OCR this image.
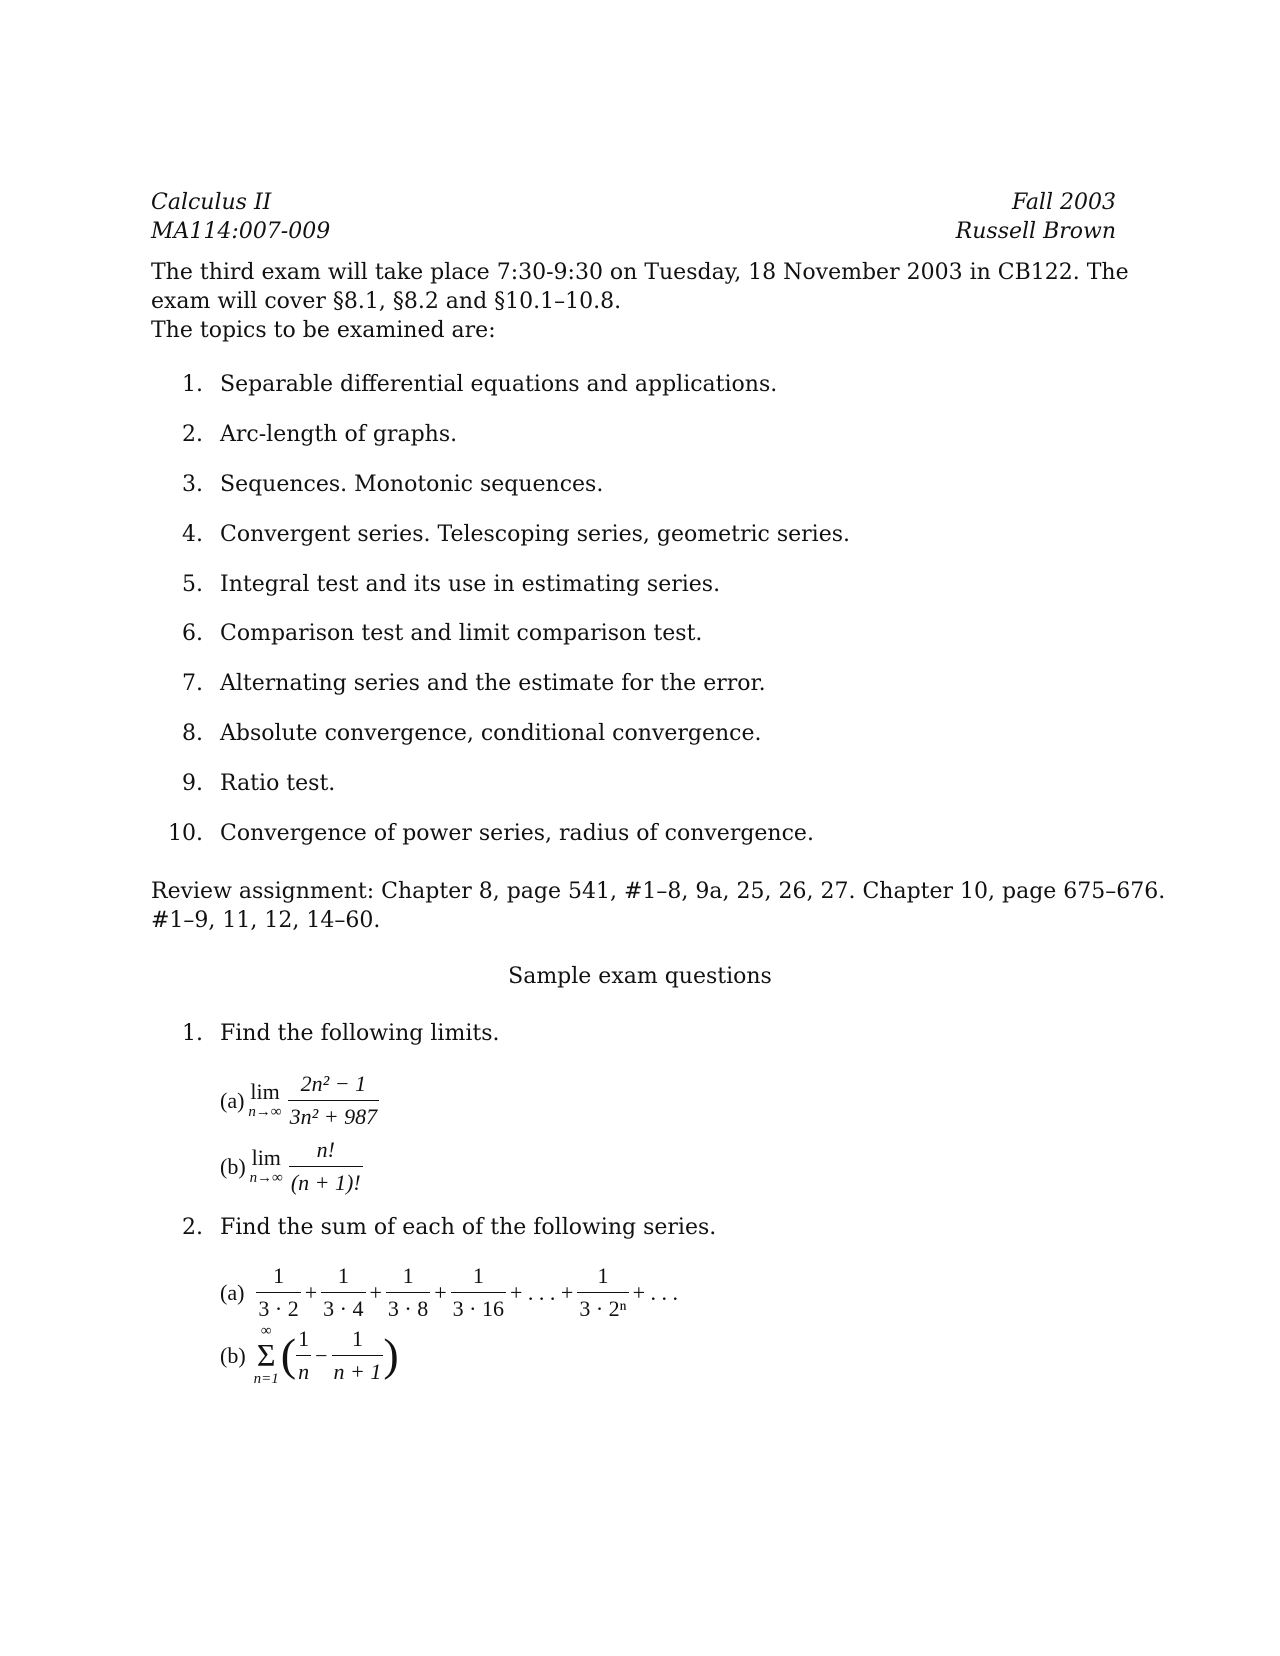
Calculus II
MA114:007-009
Fall 2003
Russell Brown
The third exam will take place 7:30-9:30 on Tuesday, 18 November 2003 in CB122. The
exam will cover §8.1, §8.2 and §10.1–10.8.
The topics to be examined are:
1. Separable differential equations and applications.
2. Arc-length of graphs.
3. Sequences. Monotonic sequences.
4. Convergent series. Telescoping series, geometric series.
5. Integral test and its use in estimating series.
6. Comparison test and limit comparison test.
7. Alternating series and the estimate for the error.
8. Absolute convergence, conditional convergence.
9. Ratio test.
10. Convergence of power series, radius of convergence.
Review assignment: Chapter 8, page 541, #1–8, 9a, 25, 26, 27. Chapter 10, page 675–676.
#1–9, 11, 12, 14–60.
Sample exam questions
1. Find the following limits.
(a) lim
$n\to\infty \frac{\text{2n² − 1}}{\text{3n² + 987}}$
(b) lim
$n\to\infty \frac{n!}{(n + 1)!}$
2. Find the sum of each of the following series.
$(a) \frac{1}{3 \cdot 2} + \frac{1}{3 \cdot 4} + \frac{1}{3 \cdot 8} + \frac{1}{3 \cdot 16}$ + . . . + $\frac{1}{\text{3 · 2ⁿ}}$ + . . .
(b)
∞
Σ
n=1 ( $\frac{1}{n} - \frac{1}{n + 1}$ )
